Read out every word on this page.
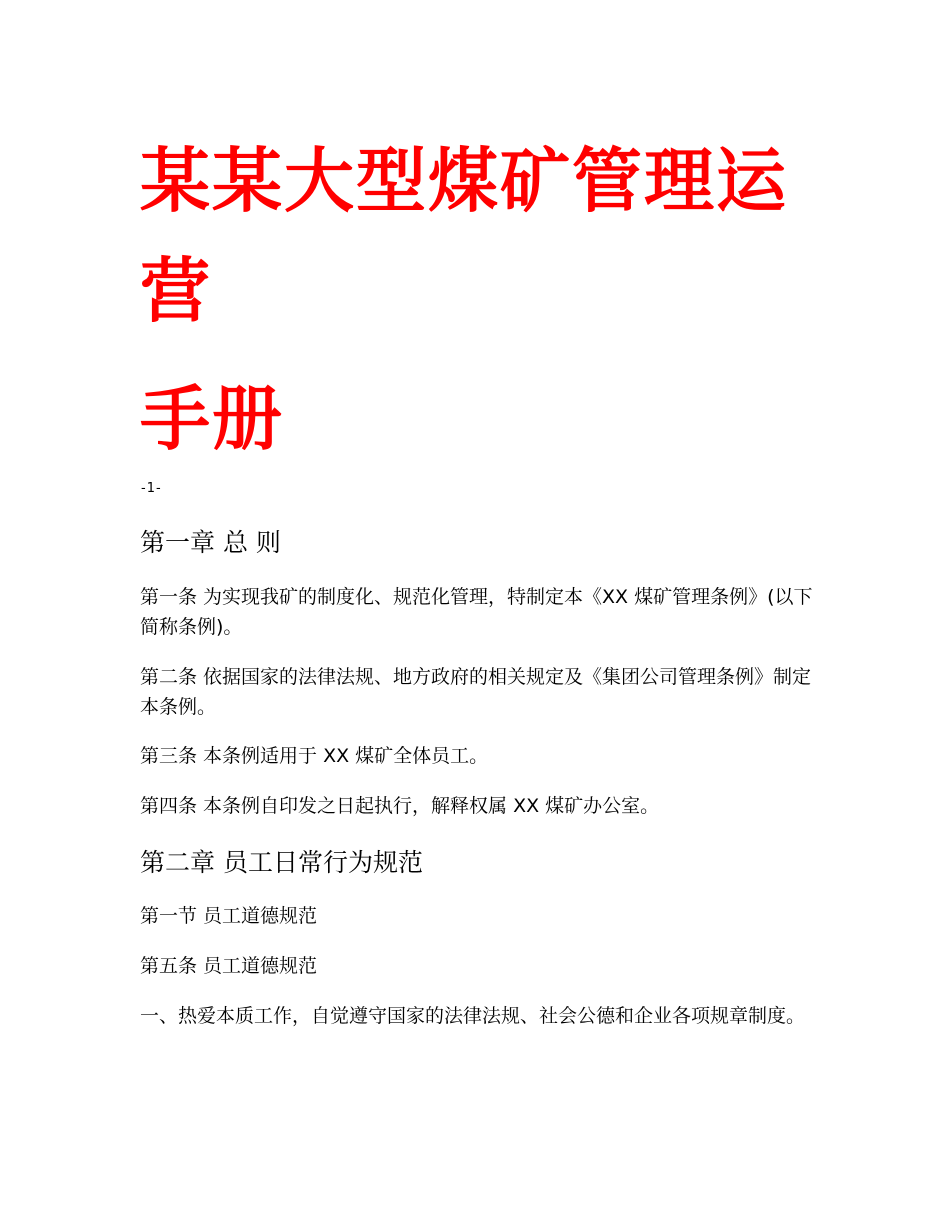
某某大型煤矿管理运
营
手册
-1-
第一章 总 则

第一条 为实现我矿的制度化、规范化管理，特制定本《XX 煤矿管理条例》(以下简称条例)。

第二条 依据国家的法律法规、地方政府的相关规定及《集团公司管理条例》制定本条例。

第三条 本条例适用于 XX 煤矿全体员工。

第四条 本条例自印发之日起执行，解释权属 XX 煤矿办公室。

第二章 员工日常行为规范

第一节 员工道德规范

第五条 员工道德规范

一、热爱本质工作，自觉遵守国家的法律法规、社会公德和企业各项规章制度。
